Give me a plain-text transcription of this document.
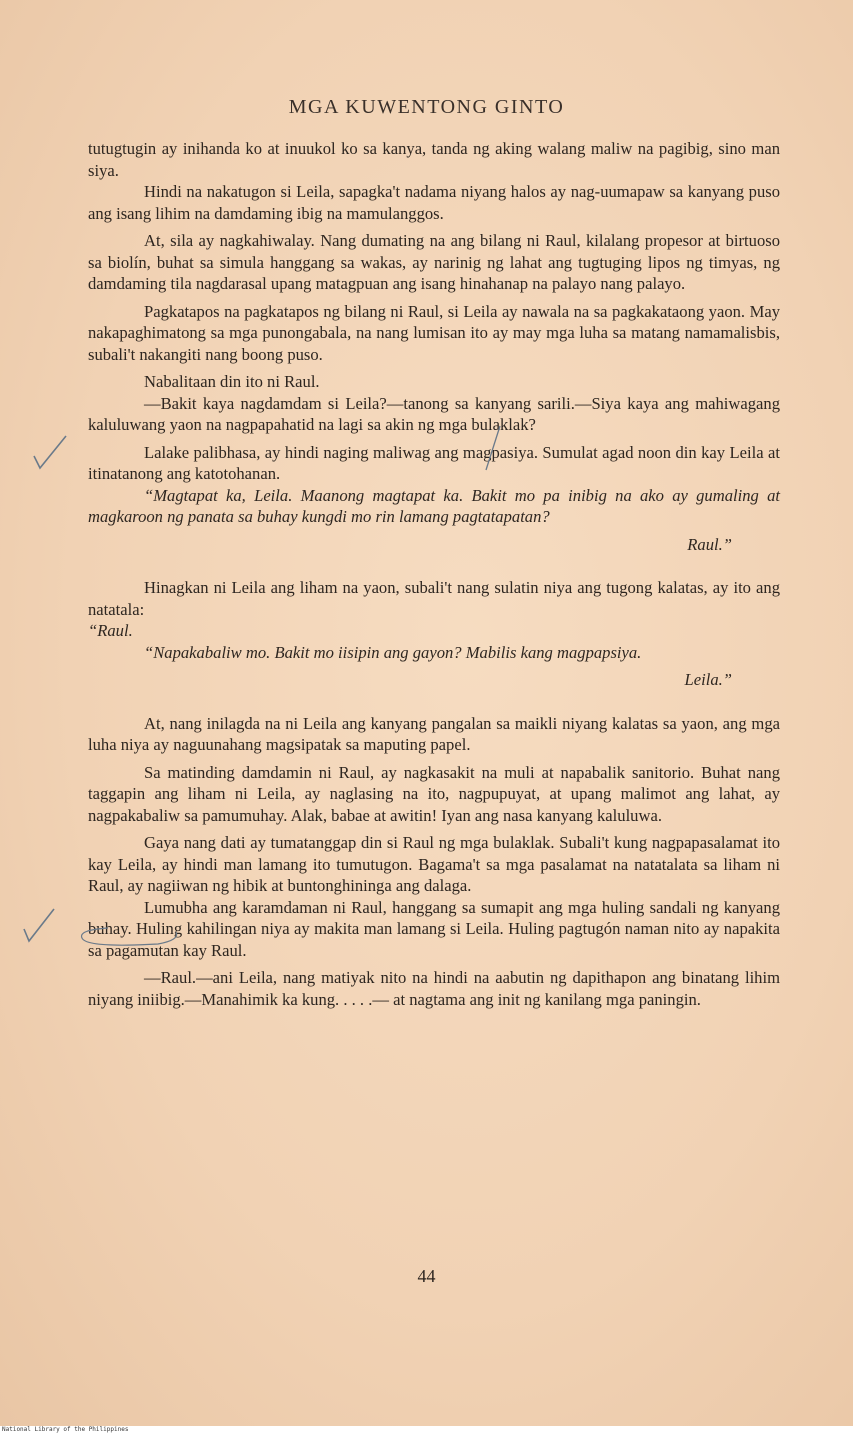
MGA KUWENTONG GINTO

tutugtugin ay inihanda ko at inuukol ko sa kanya, tanda ng aking walang maliw na pagibig, sino man siya.

Hindi na nakatugon si Leila, sapagka't nadama niyang halos ay nag-uumapaw sa kanyang puso ang isang lihim na damdaming ibig na mamulanggos.

At, sila ay nagkahiwalay. Nang dumating na ang bilang ni Raul, kilalang propesor at birtuoso sa biolín, buhat sa simula hanggang sa wakas, ay narinig ng lahat ang tugtuging lipos ng timyas, ng damdaming tila nagdarasal upang matagpuan ang isang hinahanap na palayo nang palayo.

Pagkatapos na pagkatapos ng bilang ni Raul, si Leila ay nawala na sa pagkakataong yaon. May nakapaghimatong sa mga punongabala, na nang lumisan ito ay may mga luha sa matang namamalisbis, subali't nakangiti nang boong puso.

Nabalitaan din ito ni Raul.

—Bakit kaya nagdamdam si Leila?—tanong sa kanyang sarili.—Siya kaya ang mahiwagang kaluluwang yaon na nagpapahatid na lagi sa akin ng mga bulaklak?

Lalake palibhasa, ay hindi naging maliwag ang magpasiya. Sumulat agad noon din kay Leila at itinatanong ang katotohanan.

“Magtapat ka, Leila. Maanong magtapat ka. Bakit mo pa inibig na ako ay gumaling at magkaroon ng panata sa buhay kungdi mo rin lamang pagtatapatan?

Raul.”

Hinagkan ni Leila ang liham na yaon, subali't nang sulatin niya ang tugong kalatas, ay ito ang natatala:

“Raul.

“Napakabaliw mo. Bakit mo iisipin ang gayon? Mabilis kang magpapsiya.

Leila.”

At, nang inilagda na ni Leila ang kanyang pangalan sa maikli niyang kalatas sa yaon, ang mga luha niya ay naguunahang magsipatak sa maputing papel.

Sa matinding damdamin ni Raul, ay nagkasakit na muli at napabalik sanitorio. Buhat nang taggapin ang liham ni Leila, ay naglasing na ito, nagpupuyat, at upang malimot ang lahat, ay nagpakabaliw sa pamumuhay. Alak, babae at awitin! Iyan ang nasa kanyang kaluluwa.

Gaya nang dati ay tumatanggap din si Raul ng mga bulaklak. Subali't kung nagpapasalamat ito kay Leila, ay hindi man lamang ito tumutugon. Bagama't sa mga pasalamat na natatalata sa liham ni Raul, ay nagiiwan ng hibik at buntonghininga ang dalaga.

Lumubha ang karamdaman ni Raul, hanggang sa sumapit ang mga huling sandali ng kanyang buhay. Huling kahilingan niya ay makita man lamang si Leila. Huling pagtugón naman nito ay napakita sa pagamutan kay Raul.

—Raul.—ani Leila, nang matiyak nito na hindi na aabutin ng dapithapon ang binatang lihim niyang iniibig.—Manahimik ka kung. . . . .— at nagtama ang init ng kanilang mga paningin.

44
National Library of the Philippines
